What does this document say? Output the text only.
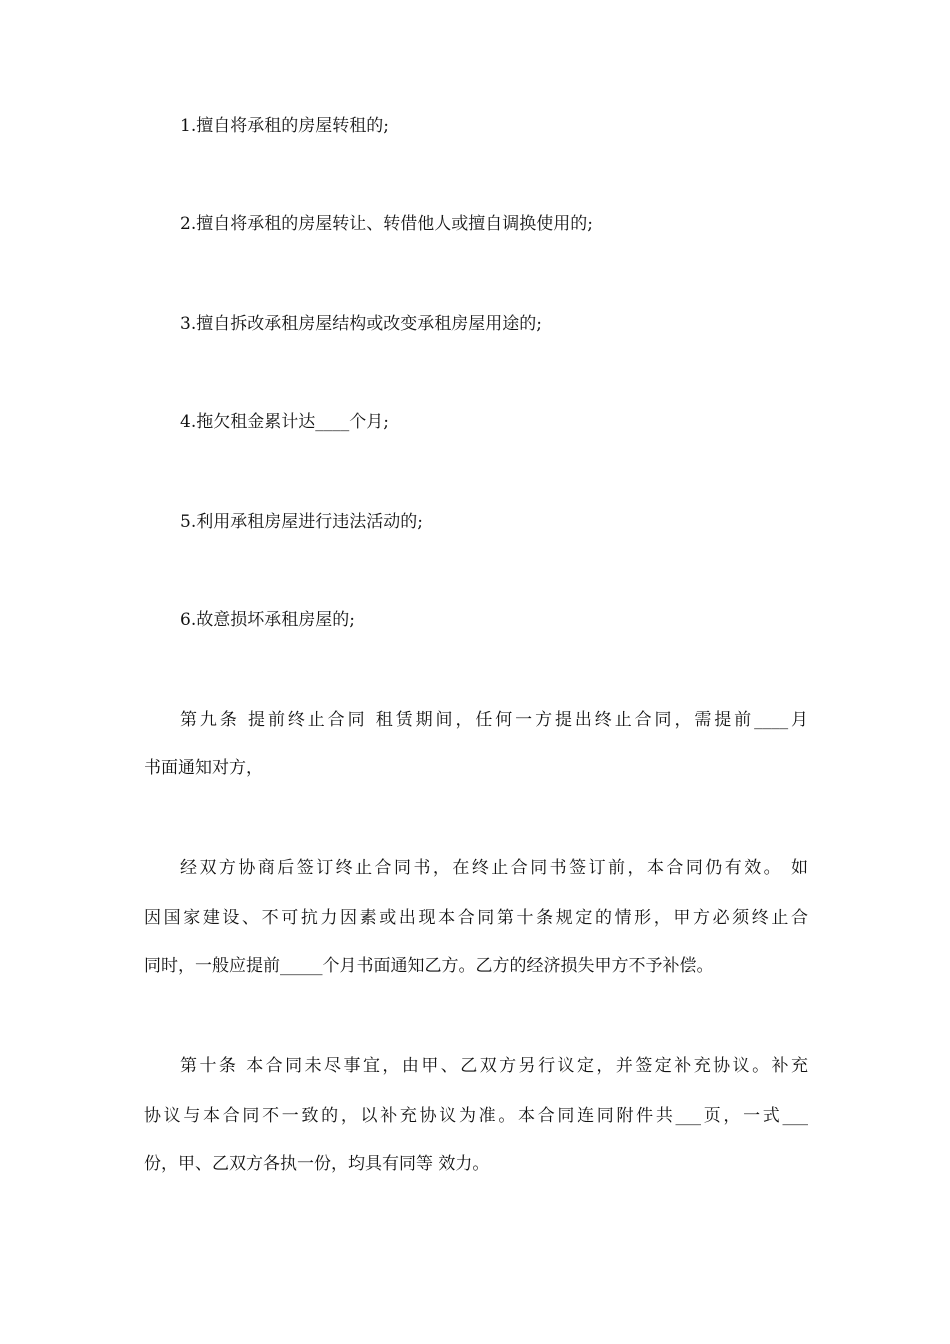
1.擅自将承租的房屋转租的;
2.擅自将承租的房屋转让、转借他人或擅自调换使用的;
3.擅自拆改承租房屋结构或改变承租房屋用途的;
4.拖欠租金累计达____个月;
5.利用承租房屋进行违法活动的;
6.故意损坏承租房屋的;
第九条 提前终止合同 租赁期间，任何一方提出终止合同，需提前____月
书面通知对方，
经双方协商后签订终止合同书，在终止合同书签订前，本合同仍有效。 如
因国家建设、不可抗力因素或出现本合同第十条规定的情形，甲方必须终止合
同时，一般应提前_____个月书面通知乙方。乙方的经济损失甲方不予补偿。
第十条 本合同未尽事宜，由甲、乙双方另行议定，并签定补充协议。补充
协议与本合同不一致的，以补充协议为准。本合同连同附件共___页，一式___
份，甲、乙双方各执一份，均具有同等 效力。
